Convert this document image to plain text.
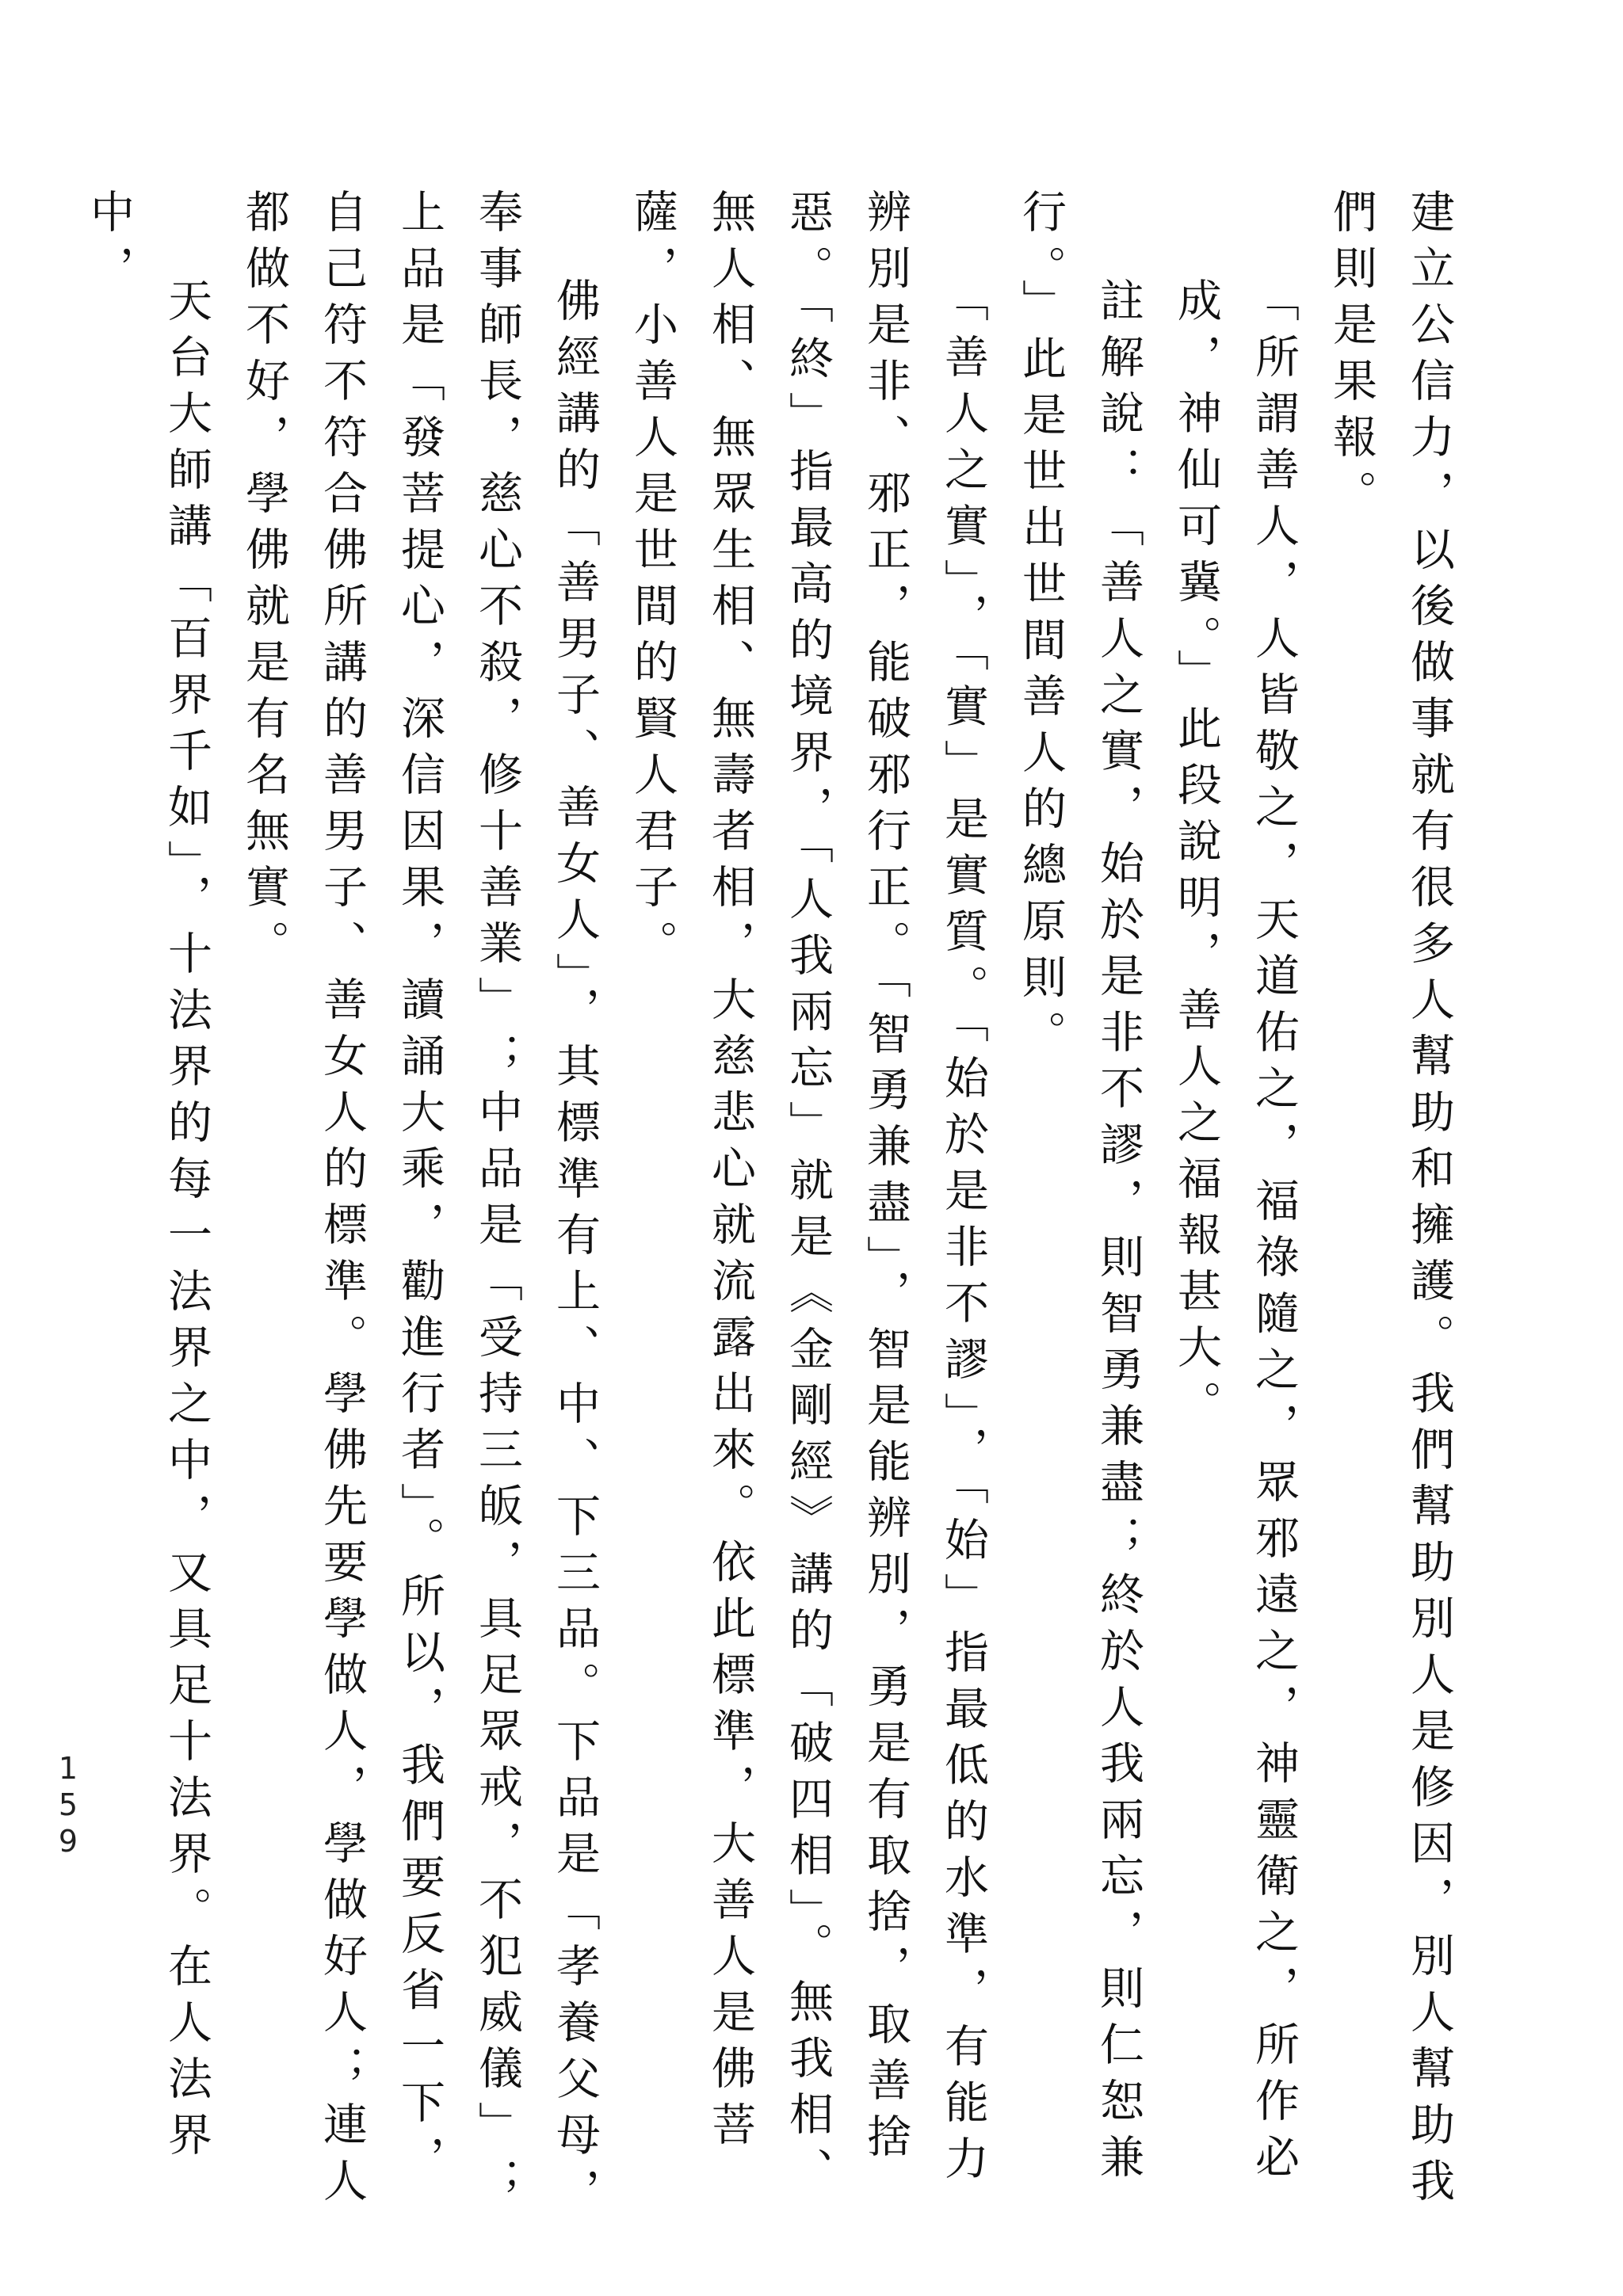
建立公信力，以後做事就有很多人幫助和擁護。我們幫助別人是修因，別人幫助我們則是果報。

「所謂善人，人皆敬之，天道佑之，福祿隨之，眾邪遠之，神靈衛之，所作必成，神仙可冀。」此段說明，善人之福報甚大。

註解說：「善人之實，始於是非不謬，則智勇兼盡；終於人我兩忘，則仁恕兼行。」此是世出世間善人的總原則。

「善人之實」，「實」是實質。「始於是非不謬」，「始」指最低的水準，有能力辨別是非、邪正，能破邪行正。「智勇兼盡」，智是能辨別，勇是有取捨，取善捨惡。「終」指最高的境界，「人我兩忘」就是《金剛經》講的「破四相」。無我相、無人相、無眾生相、無壽者相，大慈悲心就流露出來。依此標準，大善人是佛菩薩，小善人是世間的賢人君子。

佛經講的「善男子、善女人」，其標準有上、中、下三品。下品是「孝養父母，奉事師長，慈心不殺，修十善業」；中品是「受持三皈，具足眾戒，不犯威儀」；上品是「發菩提心，深信因果，讀誦大乘，勸進行者」。所以，我們要反省一下，自己符不符合佛所講的善男子、善女人的標準。學佛先要學做人，學做好人；連人都做不好，學佛就是有名無實。

天台大師講「百界千如」，十法界的每一法界之中，又具足十法界。在人法界中，

159
